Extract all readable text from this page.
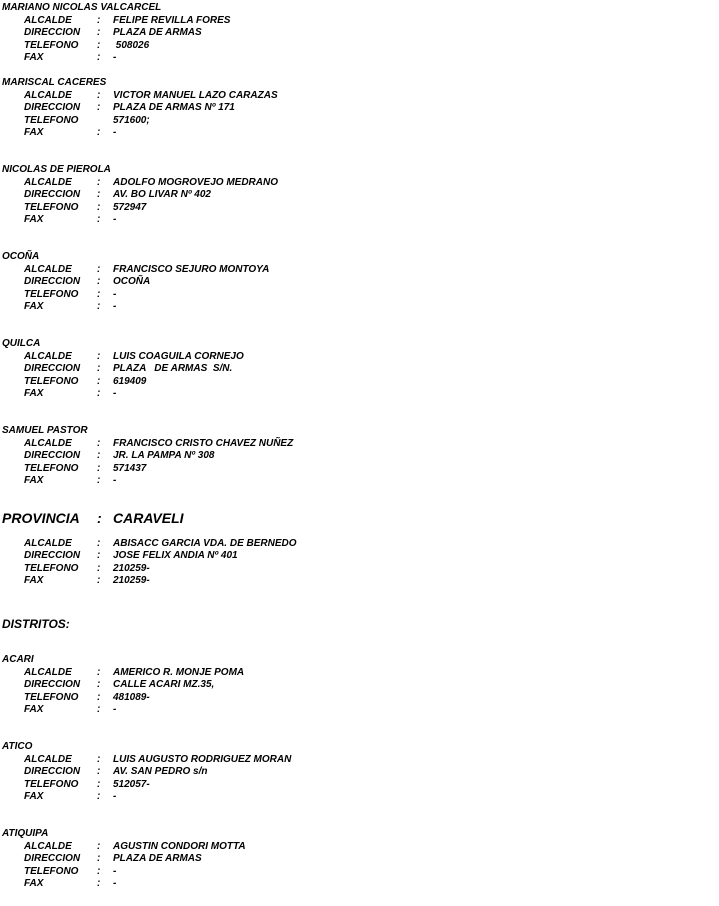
MARIANO NICOLAS VALCARCEL
ALCALDE	: FELIPE REVILLA FORES
DIRECCION : PLAZA DE ARMAS
TELEFONO : 508026
FAX	: -
MARISCAL CACERES
ALCALDE	: VICTOR MANUEL LAZO CARAZAS
DIRECCION : PLAZA DE ARMAS Nº 171
TELEFONO	571600;
FAX	: -
NICOLAS DE PIEROLA
ALCALDE	: ADOLFO MOGROVEJO MEDRANO
DIRECCION : AV. BO LIVAR Nº 402
TELEFONO : 572947
FAX	: -
OCOÑA
ALCALDE	: FRANCISCO SEJURO MONTOYA
DIRECCION : OCOÑA
TELEFONO : -
FAX	: -
QUILCA
ALCALDE	: LUIS COAGUILA CORNEJO
DIRECCION : PLAZA   DE ARMAS  S/N.
TELEFONO : 619409
FAX	: -
SAMUEL PASTOR
ALCALDE	: FRANCISCO CRISTO CHAVEZ NUÑEZ
DIRECCION : JR. LA PAMPA Nº 308
TELEFONO : 571437
FAX	: -
PROVINCIA : CARAVELI
ALCALDE	: ABISACC GARCIA VDA. DE BERNEDO
DIRECCION : JOSE FELIX ANDIA Nº 401
TELEFONO : 210259-
FAX	: 210259-
DISTRITOS:
ACARI
ALCALDE	: AMERICO R. MONJE POMA
DIRECCION : CALLE ACARI MZ.35,
TELEFONO : 481089-
FAX	: -
ATICO
ALCALDE	: LUIS AUGUSTO RODRIGUEZ MORAN
DIRECCION : AV. SAN PEDRO s/n
TELEFONO : 512057-
FAX	: -
ATIQUIPA
ALCALDE	: AGUSTIN CONDORI MOTTA
DIRECCION : PLAZA DE ARMAS
TELEFONO : -
FAX	: -
